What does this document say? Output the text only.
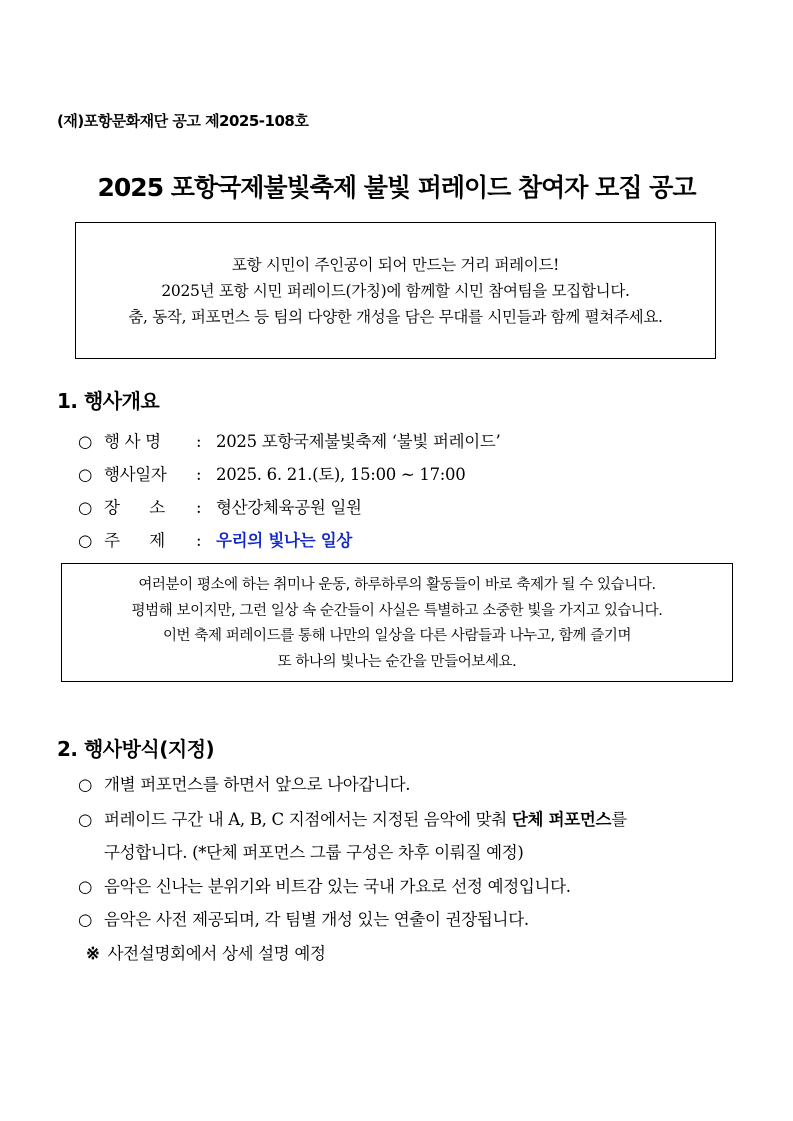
(재)포항문화재단 공고 제2025-108호
2025 포항국제불빛축제 불빛 퍼레이드 참여자 모집 공고
포항 시민이 주인공이 되어 만드는 거리 퍼레이드!
2025년 포항 시민 퍼레이드(가칭)에 함께할 시민 참여팀을 모집합니다.
춤, 동작, 퍼포먼스 등 팀의 다양한 개성을 담은 무대를 시민들과 함께 펼쳐주세요.
1. 행사개요
○ 행 사 명 : 2025 포항국제불빛축제 ‘불빛 퍼레이드’
○ 행사일자 : 2025. 6. 21.(토), 15:00 ~ 17:00
○ 장      소 : 형산강체육공원 일원
○ 주      제 : 우리의 빛나는 일상
여러분이 평소에 하는 취미나 운동, 하루하루의 활동들이 바로 축제가 될 수 있습니다.
평범해 보이지만, 그런 일상 속 순간들이 사실은 특별하고 소중한 빛을 가지고 있습니다.
이번 축제 퍼레이드를 통해 나만의 일상을 다른 사람들과 나누고, 함께 즐기며
또 하나의 빛나는 순간을 만들어보세요.
2. 행사방식(지정)
○ 개별 퍼포먼스를 하면서 앞으로 나아갑니다.
○ 퍼레이드 구간 내 A, B, C 지점에서는 지정된 음악에 맞춰 단체 퍼포먼스를
구성합니다. (*단체 퍼포먼스 그룹 구성은 차후 이뤄질 예정)
○ 음악은 신나는 분위기와 비트감 있는 국내 가요로 선정 예정입니다.
○ 음악은 사전 제공되며, 각 팀별 개성 있는 연출이 권장됩니다.
※ 사전설명회에서 상세 설명 예정
